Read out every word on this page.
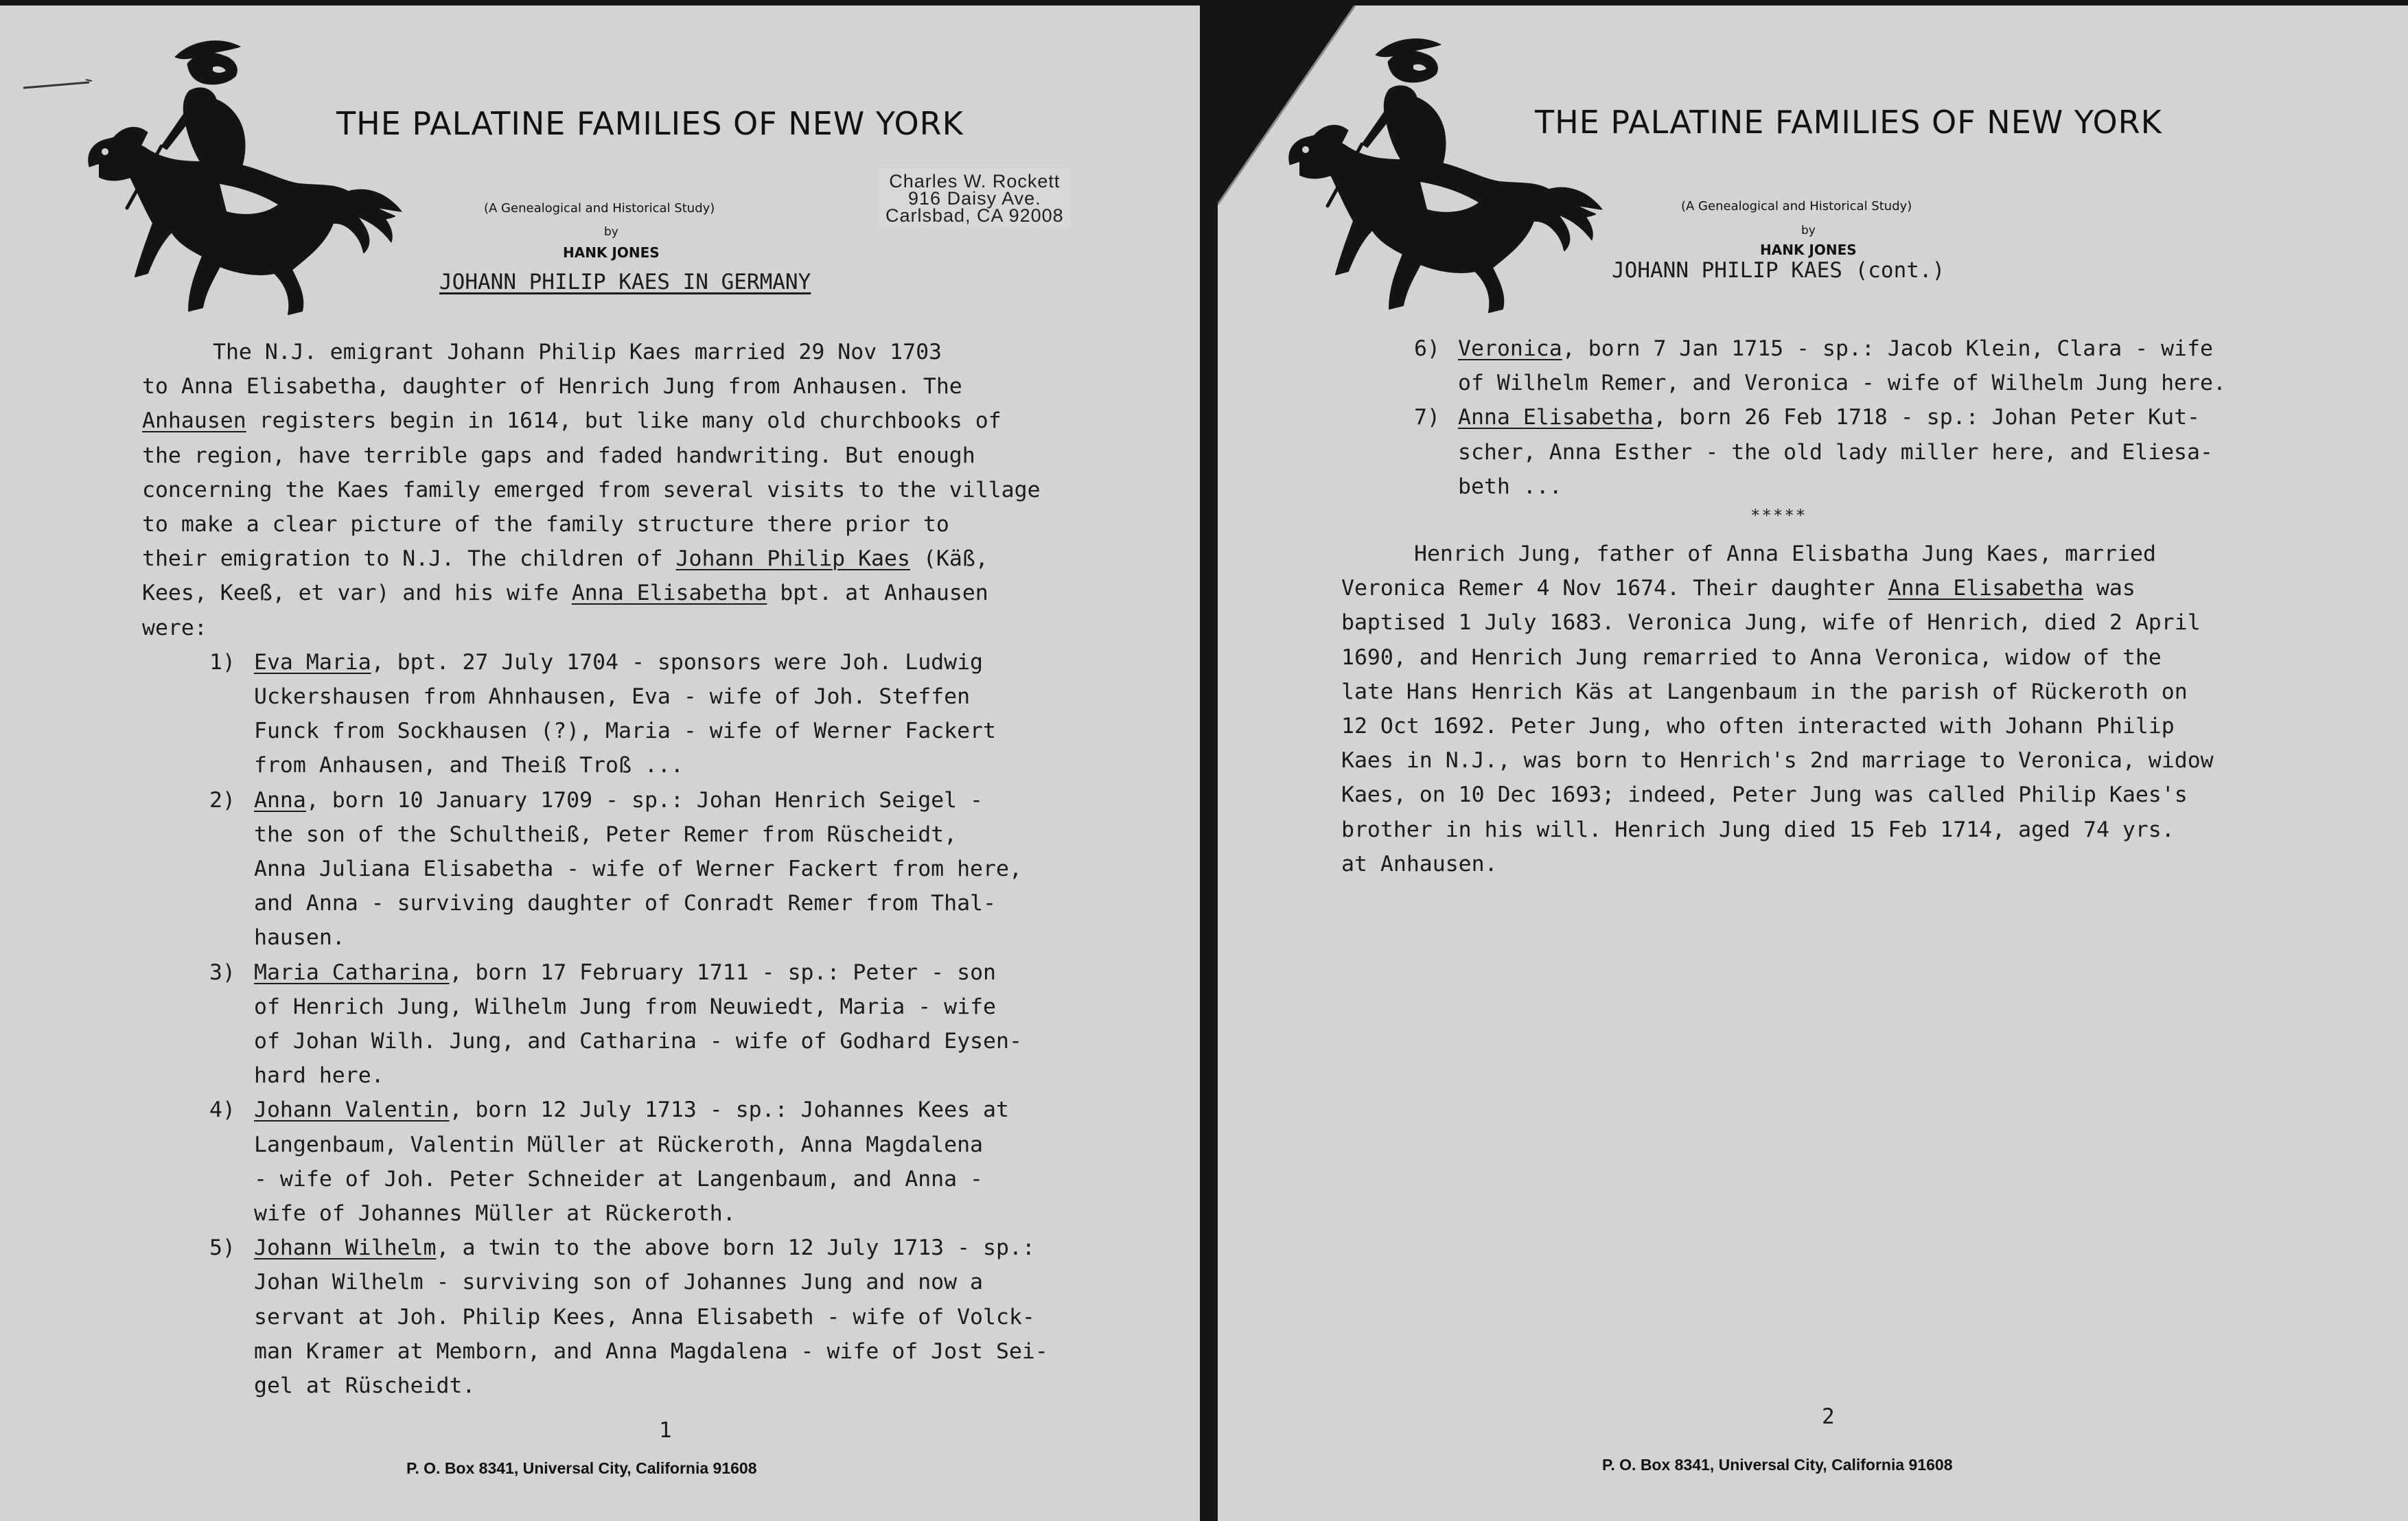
THE PALATINE FAMILIES OF NEW YORK
(A Genealogical and Historical Study)
by
HANK JONES
Charles W. Rockett
916 Daisy Ave.
Carlsbad, CA 92008
JOHANN PHILIP KAES IN GERMANY
The N.J. emigrant Johann Philip Kaes married 29 Nov 1703
to Anna Elisabetha, daughter of Henrich Jung from Anhausen. The
Anhausen registers begin in 1614, but like many old churchbooks of
the region, have terrible gaps and faded handwriting. But enough
concerning the Kaes family emerged from several visits to the village
to make a clear picture of the family structure there prior to
their emigration to N.J. The children of Johann Philip Kaes (Käß,
Kees, Keeß, et var) and his wife Anna Elisabetha bpt. at Anhausen
were:
1) Eva Maria, bpt. 27 July 1704 - sponsors were Joh. Ludwig
Uckershausen from Ahnhausen, Eva - wife of Joh. Steffen
Funck from Sockhausen (?), Maria - wife of Werner Fackert
from Anhausen, and Theiß Troß ...
2) Anna, born 10 January 1709 - sp.: Johan Henrich Seigel -
the son of the Schultheiß, Peter Remer from Rüscheidt,
Anna Juliana Elisabetha - wife of Werner Fackert from here,
and Anna - surviving daughter of Conradt Remer from Thal-
hausen.
3) Maria Catharina, born 17 February 1711 - sp.: Peter - son
of Henrich Jung, Wilhelm Jung from Neuwiedt, Maria - wife
of Johan Wilh. Jung, and Catharina - wife of Godhard Eysen-
hard here.
4) Johann Valentin, born 12 July 1713 - sp.: Johannes Kees at
Langenbaum, Valentin Müller at Rückeroth, Anna Magdalena
- wife of Joh. Peter Schneider at Langenbaum, and Anna -
wife of Johannes Müller at Rückeroth.
5) Johann Wilhelm, a twin to the above born 12 July 1713 - sp.:
Johan Wilhelm - surviving son of Johannes Jung and now a
servant at Joh. Philip Kees, Anna Elisabeth - wife of Volck-
man Kramer at Memborn, and Anna Magdalena - wife of Jost Sei-
gel at Rüscheidt.
1
P. O. Box 8341, Universal City, California 91608
THE PALATINE FAMILIES OF NEW YORK
(A Genealogical and Historical Study)
by
HANK JONES
JOHANN PHILIP KAES (cont.)
6) Veronica, born 7 Jan 1715 - sp.: Jacob Klein, Clara - wife
of Wilhelm Remer, and Veronica - wife of Wilhelm Jung here.
7) Anna Elisabetha, born 26 Feb 1718 - sp.: Johan Peter Kut-
scher, Anna Esther - the old lady miller here, and Eliesa-
beth ...
*****
Henrich Jung, father of Anna Elisbatha Jung Kaes, married
Veronica Remer 4 Nov 1674. Their daughter Anna Elisabetha was
baptised 1 July 1683. Veronica Jung, wife of Henrich, died 2 April
1690, and Henrich Jung remarried to Anna Veronica, widow of the
late Hans Henrich Käs at Langenbaum in the parish of Rückeroth on
12 Oct 1692. Peter Jung, who often interacted with Johann Philip
Kaes in N.J., was born to Henrich's 2nd marriage to Veronica, widow
Kaes, on 10 Dec 1693; indeed, Peter Jung was called Philip Kaes's
brother in his will. Henrich Jung died 15 Feb 1714, aged 74 yrs.
at Anhausen.
2
P. O. Box 8341, Universal City, California 91608
